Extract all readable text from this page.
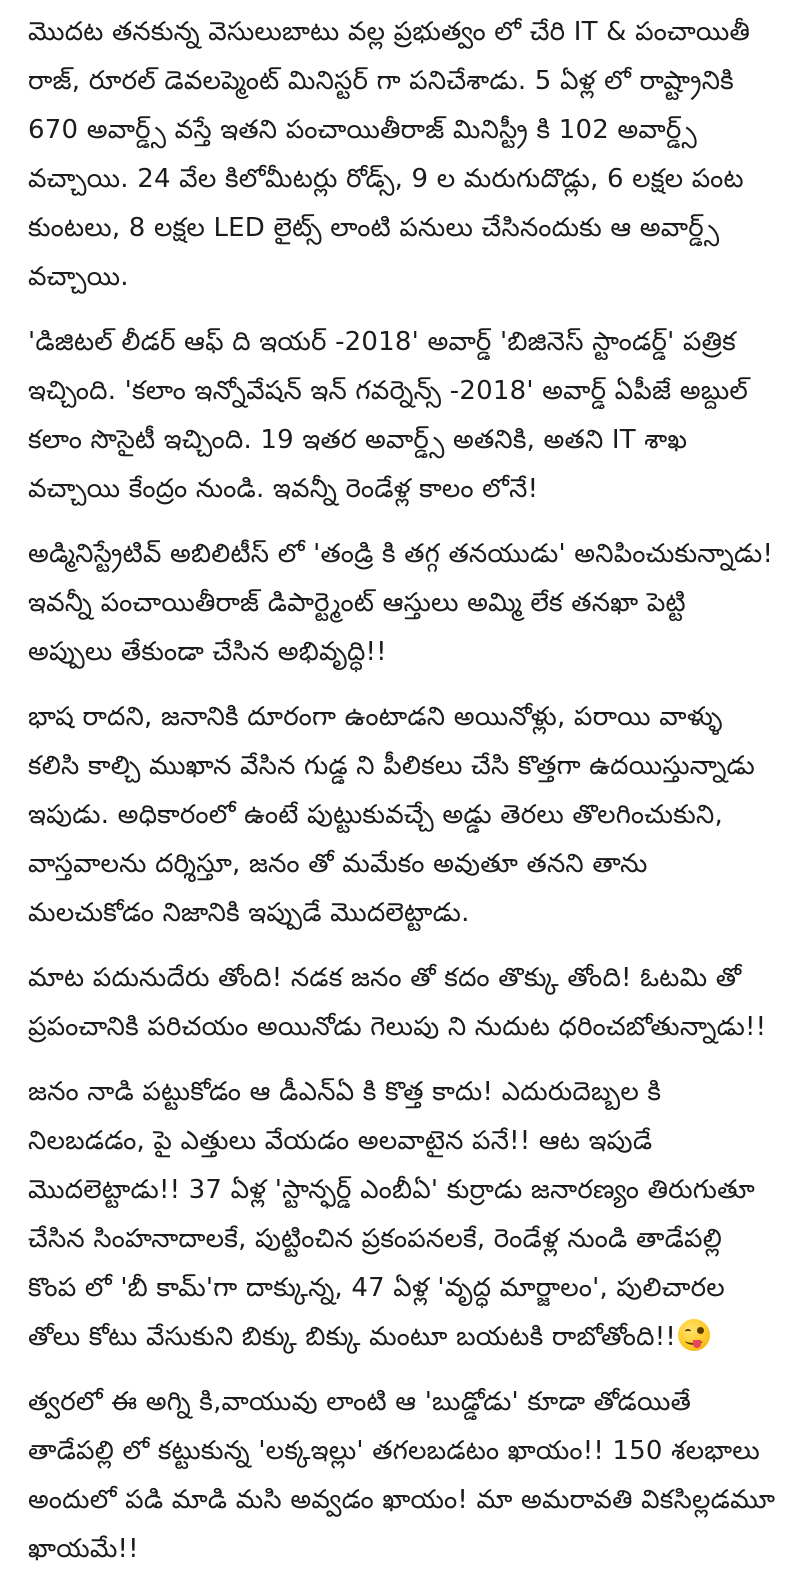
మొదట తనకున్న వెసులుబాటు వల్ల ప్రభుత్వం లో చేరి IT & పంచాయితీ రాజ్, రూరల్ డెవలప్మెంట్ మినిస్టర్ గా పనిచేశాడు. 5 ఏళ్ల లో రాష్ట్రానికి 670 అవార్డ్స్ వస్తే ఇతని పంచాయితీరాజ్ మినిస్ట్రీ కి 102 అవార్డ్స్ వచ్చాయి. 24 వేల కిలోమీటర్లు రోడ్స్, 9 ల మరుగుదొడ్లు, 6 లక్షల పంట కుంటలు, 8 లక్షల LED లైట్స్ లాంటి పనులు చేసినందుకు ఆ అవార్డ్స్ వచ్చాయి.

'డిజిటల్ లీడర్ ఆఫ్ ది ఇయర్ -2018' అవార్డ్ 'బిజినెస్ స్టాండర్డ్' పత్రిక ఇచ్చింది. 'కలాం ఇన్నోవేషన్ ఇన్ గవర్నెన్స్ -2018' అవార్డ్ ఏపీజే అబ్దుల్ కలాం సొసైటీ ఇచ్చింది. 19 ఇతర అవార్డ్స్ అతనికి, అతని IT శాఖ వచ్చాయి కేంద్రం నుండి. ఇవన్నీ రెండేళ్ల కాలం లోనే!

అడ్మినిస్ట్రేటివ్ అబిలిటీస్ లో 'తండ్రి కి తగ్గ తనయుడు' అనిపించుకున్నాడు! ఇవన్నీ పంచాయితీరాజ్ డిపార్ట్మెంట్ ఆస్తులు అమ్మి లేక తనఖా పెట్టి అప్పులు తేకుండా చేసిన అభివృద్ధి!!

భాష రాదని, జనానికి దూరంగా ఉంటాడని అయినోళ్లు, పరాయి వాళ్ళు కలిసి కాల్చి ముఖాన వేసిన గుడ్డ ని పీలికలు చేసి కొత్తగా ఉదయిస్తున్నాడు ఇపుడు. అధికారంలో ఉంటే పుట్టుకువచ్చే అడ్డు తెరలు తొలగించుకుని, వాస్తవాలను దర్శిస్తూ, జనం తో మమేకం అవుతూ తనని తాను మలచుకోడం నిజానికి ఇప్పుడే మొదలెట్టాడు.

మాట పదునుదేరు తోంది! నడక జనం తో కదం తొక్కు తోంది! ఓటమి తో ప్రపంచానికి పరిచయం అయినోడు గెలుపు ని నుదుట ధరించబోతున్నాడు!!

జనం నాడి పట్టుకోడం ఆ డీఎన్ఏ కి కొత్త కాదు! ఎదురుదెబ్బల కి నిలబడడం, పై ఎత్తులు వేయడం అలవాటైన పనే!! ఆట ఇపుడే మొదలెట్టాడు!! 37 ఏళ్ల 'స్టాన్ఫర్డ్ ఎంబీఏ' కుర్రాడు జనారణ్యం తిరుగుతూ చేసిన సింహనాదాలకే, పుట్టించిన ప్రకంపనలకే, రెండేళ్ల నుండి తాడేపల్లి కొంప లో 'బీ కామ్'గా దాక్కున్న, 47 ఏళ్ల 'వృద్ధ మార్జాలం', పులిచారల తోలు కోటు వేసుకుని బిక్కు బిక్కు మంటూ బయటకి రాబోతోంది!!

త్వరలో ఈ అగ్ని కి,వాయువు లాంటి ఆ 'బుడ్డోడు' కూడా తోడయితే తాడేపల్లి లో కట్టుకున్న 'లక్కఇల్లు' తగలబడటం ఖాయం!! 150 శలభాలు అందులో పడి మాడి మసి అవ్వడం ఖాయం! మా అమరావతి వికసిల్లడమూ ఖాయమే!!
